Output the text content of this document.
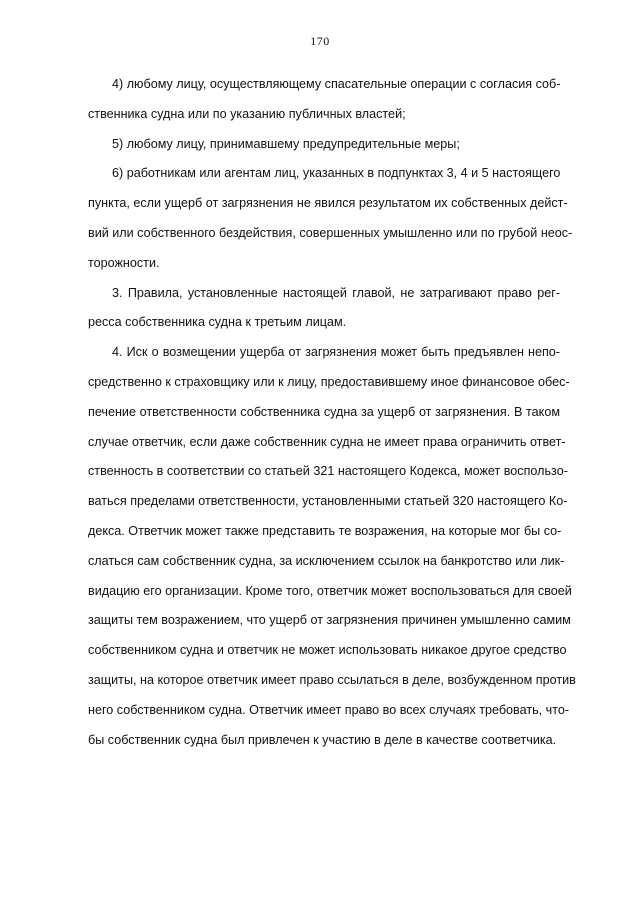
170
4) любому лицу, осуществляющему спасательные операции с согласия соб-
ственника судна или по указанию публичных властей;
5) любому лицу, принимавшему предупредительные меры;
6) работникам или агентам лиц, указанных в подпунктах 3, 4 и 5 настоящего
пункта, если ущерб от загрязнения не явился результатом их собственных дейст-
вий или собственного бездействия, совершенных умышленно или по грубой неос-
торожности.
3. Правила, установленные настоящей главой, не затрагивают право рег-
ресса собственника судна к третьим лицам.
4. Иск о возмещении ущерба от загрязнения может быть предъявлен непо-
средственно к страховщику или к лицу, предоставившему иное финансовое обес-
печение ответственности собственника судна за ущерб от загрязнения. В таком
случае ответчик, если даже собственник судна не имеет права ограничить ответ-
ственность в соответствии со статьей 321 настоящего Кодекса, может воспользо-
ваться пределами ответственности, установленными статьей 320 настоящего Ко-
декса. Ответчик может также представить те возражения, на которые мог бы со-
слаться сам собственник судна, за исключением ссылок на банкротство или лик-
видацию его организации. Кроме того, ответчик может воспользоваться для своей
защиты тем возражением, что ущерб от загрязнения причинен умышленно самим
собственником судна и ответчик не может использовать никакое другое средство
защиты, на которое ответчик имеет право ссылаться в деле, возбужденном против
него собственником судна. Ответчик имеет право во всех случаях требовать, что-
бы собственник судна был привлечен к участию в деле в качестве соответчика.
